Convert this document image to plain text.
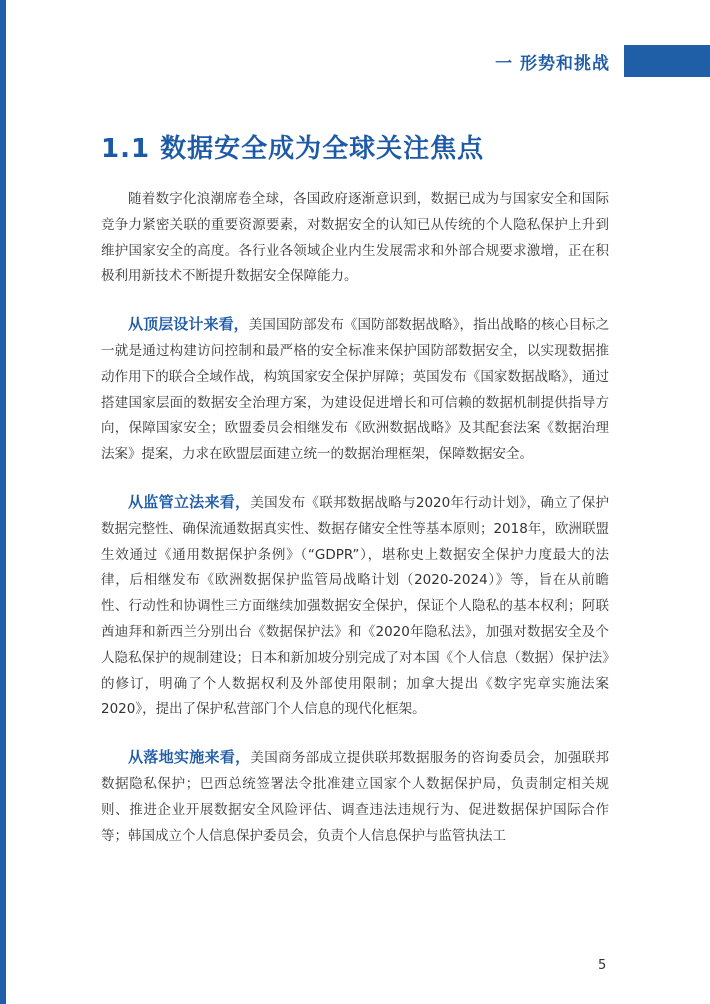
一 形势和挑战
1.1 数据安全成为全球关注焦点

随着数字化浪潮席卷全球，各国政府逐渐意识到，数据已成为与国家安全和国际竞争力紧密关联的重要资源要素，对数据安全的认知已从传统的个人隐私保护上升到维护国家安全的高度。各行业各领域企业内生发展需求和外部合规要求激增，正在积极利用新技术不断提升数据安全保障能力。

从顶层设计来看，美国国防部发布《国防部数据战略》，指出战略的核心目标之一就是通过构建访问控制和最严格的安全标准来保护国防部数据安全，以实现数据推动作用下的联合全域作战，构筑国家安全保护屏障；英国发布《国家数据战略》，通过搭建国家层面的数据安全治理方案，为建设促进增长和可信赖的数据机制提供指导方向，保障国家安全；欧盟委员会相继发布《欧洲数据战略》及其配套法案《数据治理法案》提案，力求在欧盟层面建立统一的数据治理框架，保障数据安全。

从监管立法来看，美国发布《联邦数据战略与2020年行动计划》，确立了保护数据完整性、确保流通数据真实性、数据存储安全性等基本原则；2018年，欧洲联盟生效通过《通用数据保护条例》（“GDPR”），堪称史上数据安全保护力度最大的法律，后相继发布《欧洲数据保护监管局战略计划（2020-2024）》等，旨在从前瞻性、行动性和协调性三方面继续加强数据安全保护，保证个人隐私的基本权利；阿联酋迪拜和新西兰分别出台《数据保护法》和《2020年隐私法》，加强对数据安全及个人隐私保护的规制建设；日本和新加坡分别完成了对本国《个人信息（数据）保护法》的修订，明确了个人数据权利及外部使用限制；加拿大提出《数字宪章实施法案2020》，提出了保护私营部门个人信息的现代化框架。

从落地实施来看，美国商务部成立提供联邦数据服务的咨询委员会，加强联邦数据隐私保护；巴西总统签署法令批准建立国家个人数据保护局，负责制定相关规则、推进企业开展数据安全风险评估、调查违法违规行为、促进数据保护国际合作等；韩国成立个人信息保护委员会，负责个人信息保护与监管执法工

5
